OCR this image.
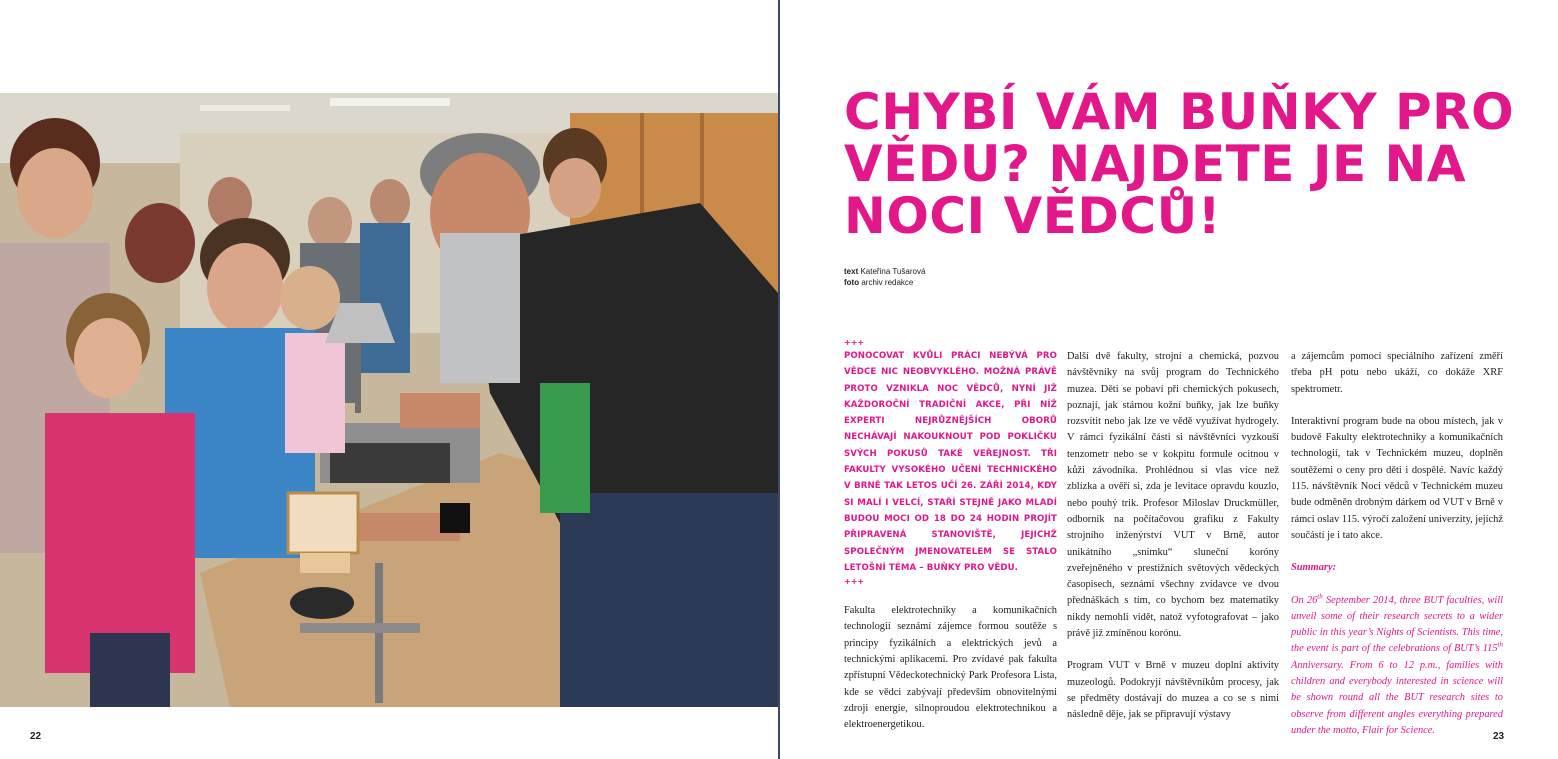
22
CHYBÍ VÁM BUŇKY PRO VĚDU? NAJDETE JE NA NOCI VĚDCŮ!
text Kateřina Tušarová
foto archiv redakce
+++

PONOCOVAT KVŮLI PRÁCI NEBÝVÁ PRO VĚDCE NIC NEOBVYKLÉHO. MOŽNÁ PRÁVĚ PROTO VZNIKLA NOC VĚDCŮ, NYNÍ JIŽ KAŽDOROČNÍ TRADIČNÍ AKCE, PŘI NÍŽ EXPERTI NEJRŮZNĚJŠÍCH OBORŮ NECHÁVAJÍ NAKOUKNOUT POD POKLIČKU SVÝCH POKUSŮ TAKÉ VEŘEJNOST. TŘI FAKULTY VYSOKÉHO UČENÍ TECHNICKÉHO V BRNĚ TAK LETOS UČÍ 26. ZÁŘÍ 2014, KDY SI MALÍ I VELCÍ, STAŘÍ STEJNĚ JAKO MLADÍ BUDOU MOCI OD 18 DO 24 HODIN PROJÍT PŘIPRAVENÁ STANOVIŠTĚ, JEJICHŽ SPOLEČNÝM JMENOVATELEM SE STALO LETOŠNÍ TÉMA – BUŇKY PRO VĚDU.

+++

Fakulta elektrotechniky a komunikačních technologií seznámí zájemce formou soutěže s principy fyzikálních a elektrických jevů a technickými aplikacemi. Pro zvídavé pak fakulta zpřístupní Vědeckotechnický Park Profesora Lista, kde se vědci zabývají především obnovitelnými zdroji energie, silnoproudou elektrotechnikou a elektroenergetikou.

Další dvě fakulty, strojní a chemická, pozvou návštěvníky na svůj program do Technického muzea. Děti se pobaví při chemických pokusech, poznají, jak stárnou kožní buňky, jak lze buňky rozsvítit nebo jak lze ve vědě využívat hydrogely. V rámci fyzikální části si návštěvníci vyzkouší tenzometr nebo se v kokpitu formule ocitnou v kůži závodníka. Prohlédnou si vlas více než zblízka a ověří si, zda je levitace opravdu kouzlo, nebo pouhý trik. Profesor Miloslav Druckmüller, odborník na počítačovou grafiku z Fakulty strojního inženýrství VUT v Brně, autor unikátního „snímku“ sluneční koróny zveřejněného v prestižních světových vědeckých časopisech, seznámí všechny zvídavce ve dvou přednáškách s tím, co bychom bez matematiky nikdy nemohli vidět, natož vyfotografovat – jako právě již zmíněnou korónu.

Program VUT v Brně v muzeu doplní aktivity muzeologů. Podokryjí návštěvníkům procesy, jak se předměty dostávají do muzea a co se s nimi následně děje, jak se připravují výstavy

a zájemcům pomocí speciálního zařízení změří třeba pH potu nebo ukáží, co dokáže XRF spektrometr.

Interaktivní program bude na obou místech, jak v budově Fakulty elektrotechniky a komunikačních technologií, tak v Technickém muzeu, doplněn soutěžemi o ceny pro děti i dospělé. Navíc každý 115. návštěvník Noci vědců v Technickém muzeu bude odměněn drobným dárkem od VUT v Brně v rámci oslav 115. výročí založení univerzity, jejíchž součástí je i tato akce.

Summary:

On 26th September 2014, three BUT faculties, will unveil some of their research secrets to a wider public in this year’s Nights of Scientists. This time, the event is part of the celebrations of BUT’s 115th Anniversary. From 6 to 12 p.m., families with children and everybody interested in science will be shown round all the BUT research sites to observe from different angles everything prepared under the motto, Flair for Science.

23
